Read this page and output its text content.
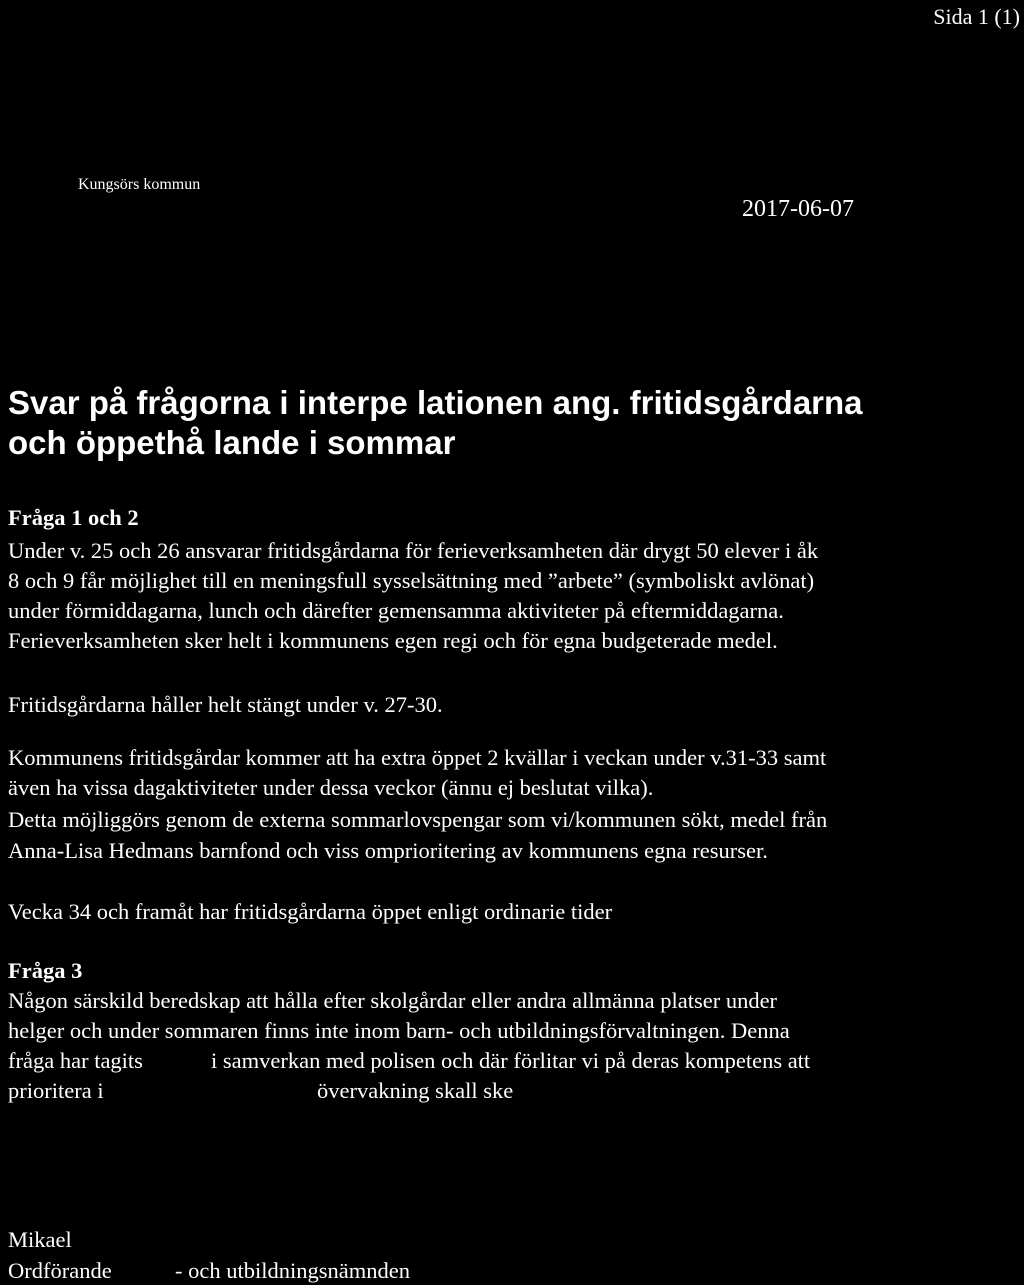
Sida 1 (1)
Kungsörs kommun
2017-06-07
Svar på frågorna i interpe lationen ang. fritidsgårdarna
och öppethå lande i sommar
Fråga 1 och 2
Under v. 25 och 26 ansvarar fritidsgårdarna för ferieverksamheten där drygt 50 elever i åk
8 och 9 får möjlighet till en meningsfull sysselsättning med ”arbete” (symboliskt avlönat)
under förmiddagarna, lunch och därefter gemensamma aktiviteter på eftermiddagarna.
Ferieverksamheten sker helt i kommunens egen regi och för egna budgeterade medel.
Fritidsgårdarna håller helt stängt under v. 27-30.
Kommunens fritidsgårdar kommer att ha extra öppet 2 kvällar i veckan under v.31-33 samt
även ha vissa dagaktiviteter under dessa veckor (ännu ej beslutat vilka).
Detta möjliggörs genom de externa sommarlovspengar som vi/kommunen sökt, medel från
Anna-Lisa Hedmans barnfond och viss omprioritering av kommunens egna resurser.
Vecka 34 och framåt har fritidsgårdarna öppet enligt ordinarie tider
Fråga 3
Någon särskild beredskap att hålla efter skolgårdar eller andra allmänna platser under
helger och under sommaren finns inte inom barn- och utbildningsförvaltningen. Denna
fråga har tagits	i samverkan med polisen och där förlitar vi på deras kompetens att
prioritera i	övervakning skall ske
Mikael
Ordförande	- och utbildningsnämnden
